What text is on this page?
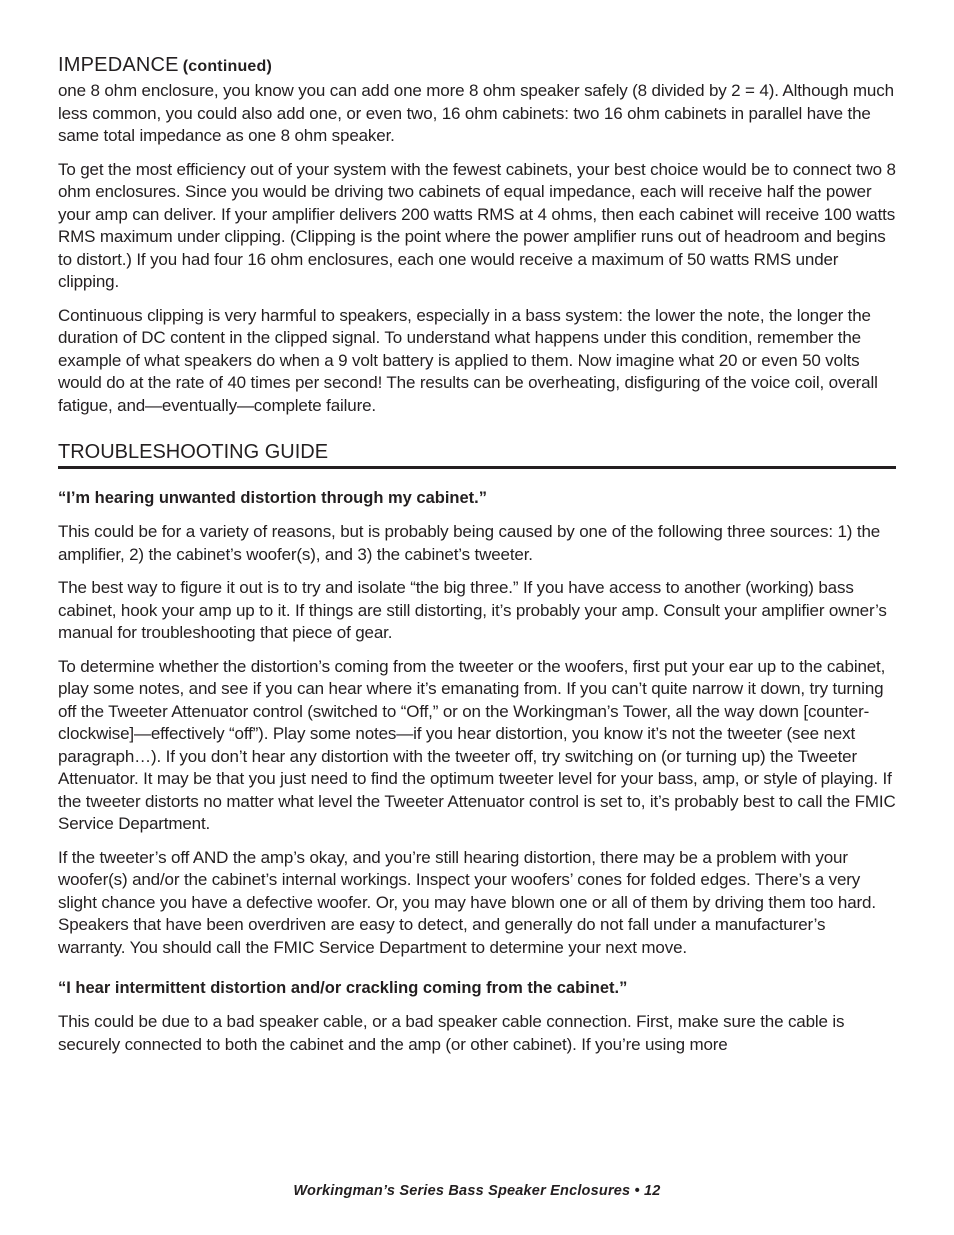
IMPEDANCE (continued)

one 8 ohm enclosure, you know you can add one more 8 ohm speaker safely (8 divided by 2 = 4). Although much less common, you could also add one, or even two, 16 ohm cabinets: two 16 ohm cabinets in parallel have the same total impedance as one 8 ohm speaker.

To get the most efficiency out of your system with the fewest cabinets, your best choice would be to connect two 8 ohm enclosures. Since you would be driving two cabinets of equal impedance, each will receive half the power your amp can deliver. If your amplifier delivers 200 watts RMS at 4 ohms, then each cabinet will receive 100 watts RMS maximum under clipping. (Clipping is the point where the power amplifier runs out of headroom and begins to distort.) If you had four 16 ohm enclosures, each one would receive a maximum of 50 watts RMS under clipping.

Continuous clipping is very harmful to speakers, especially in a bass system: the lower the note, the longer the duration of DC content in the clipped signal. To understand what happens under this condition, remember the example of what speakers do when a 9 volt battery is applied to them. Now imagine what 20 or even 50 volts would do at the rate of 40 times per second! The results can be overheating, disfiguring of the voice coil, overall fatigue, and—eventually—complete failure.

TROUBLESHOOTING GUIDE
“I’m hearing unwanted distortion through my cabinet.”

This could be for a variety of reasons, but is probably being caused by one of the following three sources: 1) the amplifier, 2) the cabinet’s woofer(s), and 3) the cabinet’s tweeter.

The best way to figure it out is to try and isolate “the big three.” If you have access to another (working) bass cabinet, hook your amp up to it. If things are still distorting, it’s probably your amp. Consult your amplifier owner’s manual for troubleshooting that piece of gear.

To determine whether the distortion’s coming from the tweeter or the woofers, first put your ear up to the cabinet, play some notes, and see if you can hear where it’s emanating from. If you can’t quite narrow it down, try turning off the Tweeter Attenuator control (switched to “Off,” or on the Workingman’s Tower, all the way down [counter-clockwise]—effectively “off”). Play some notes—if you hear distortion, you know it’s not the tweeter (see next paragraph…). If you don’t hear any distortion with the tweeter off, try switching on (or turning up) the Tweeter Attenuator. It may be that you just need to find the optimum tweeter level for your bass, amp, or style of playing. If the tweeter distorts no matter what level the Tweeter Attenuator control is set to, it’s probably best to call the FMIC Service Department.

If the tweeter’s off AND the amp’s okay, and you’re still hearing distortion, there may be a problem with your woofer(s) and/or the cabinet’s internal workings. Inspect your woofers’ cones for folded edges. There’s a very slight chance you have a defective woofer. Or, you may have blown one or all of them by driving them too hard. Speakers that have been overdriven are easy to detect, and generally do not fall under a manufacturer’s warranty. You should call the FMIC Service Department to determine your next move.

“I hear intermittent distortion and/or crackling coming from the cabinet.”

This could be due to a bad speaker cable, or a bad speaker cable connection. First, make sure the cable is securely connected to both the cabinet and the amp (or other cabinet). If you’re using more

Workingman’s Series Bass Speaker Enclosures • 12
